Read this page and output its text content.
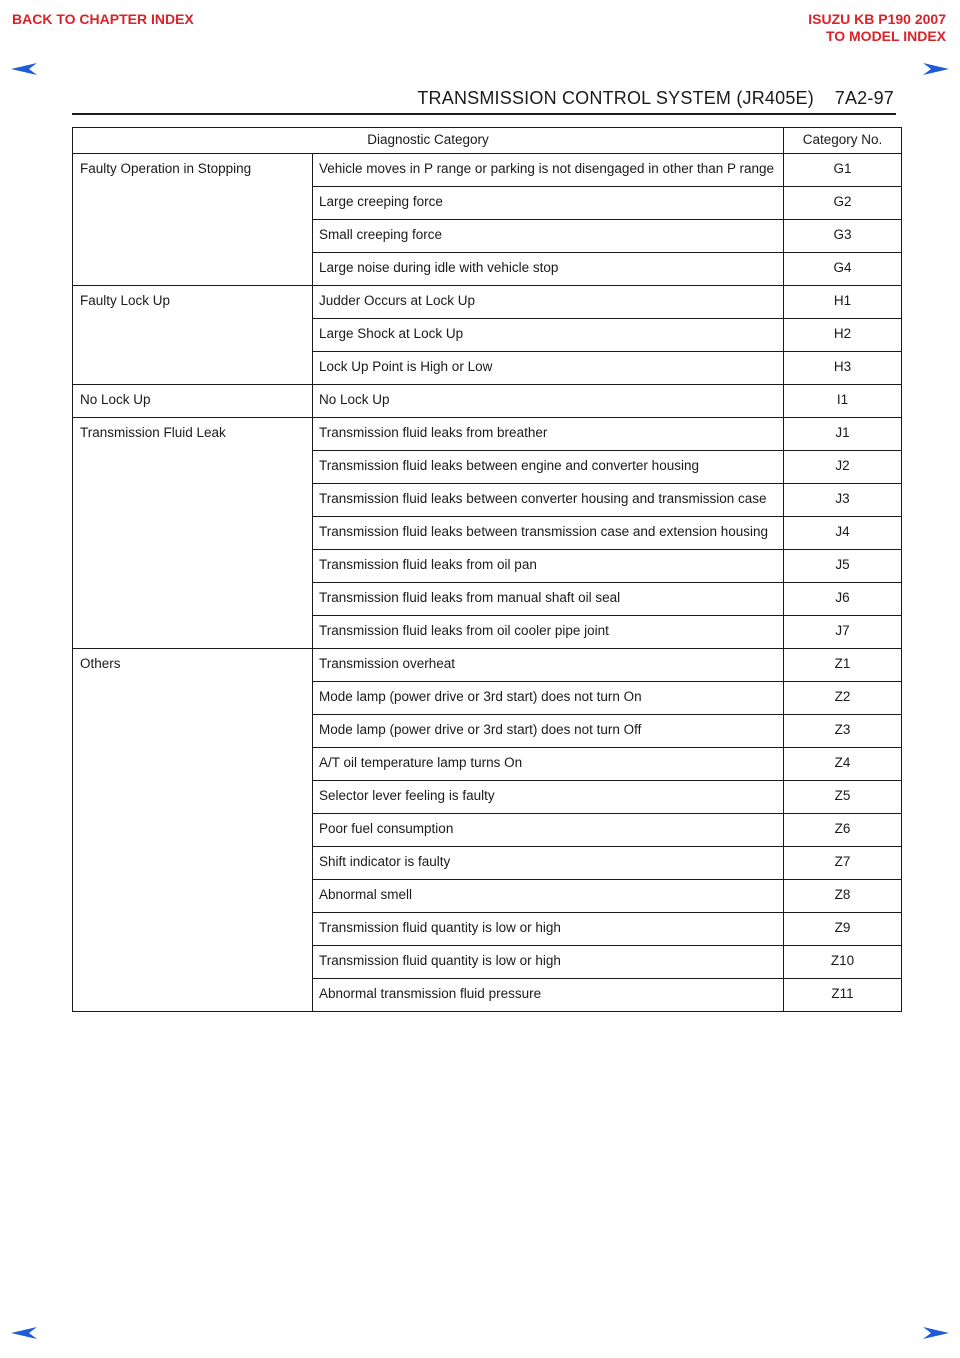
BACK TO CHAPTER INDEX	ISUZU KB P190 2007
TO MODEL INDEX
TRANSMISSION CONTROL SYSTEM (JR405E)    7A2-97
Diagnostic Category		Category No.
Faulty Operation in Stopping	Vehicle moves in P range or parking is not disengaged in other than P range	G1
	Large creeping force	G2
	Small creeping force	G3
	Large noise during idle with vehicle stop	G4
Faulty Lock Up	Judder Occurs at Lock Up	H1
	Large Shock at Lock Up	H2
	Lock Up Point is High or Low	H3
No Lock Up	No Lock Up	I1
Transmission Fluid Leak	Transmission fluid leaks from breather	J1
	Transmission fluid leaks between engine and converter housing	J2
	Transmission fluid leaks between converter housing and transmission case	J3
	Transmission fluid leaks between transmission case and extension housing	J4
	Transmission fluid leaks from oil pan	J5
	Transmission fluid leaks from manual shaft oil seal	J6
	Transmission fluid leaks from oil cooler pipe joint	J7
Others	Transmission overheat	Z1
	Mode lamp (power drive or 3rd start) does not turn On	Z2
	Mode lamp (power drive or 3rd start) does not turn Off	Z3
	A/T oil temperature lamp turns On	Z4
	Selector lever feeling is faulty	Z5
	Poor fuel consumption	Z6
	Shift indicator is faulty	Z7
	Abnormal smell	Z8
	Transmission fluid quantity is low or high	Z9
	Transmission fluid quantity is low or high	Z10
	Abnormal transmission fluid pressure	Z11
